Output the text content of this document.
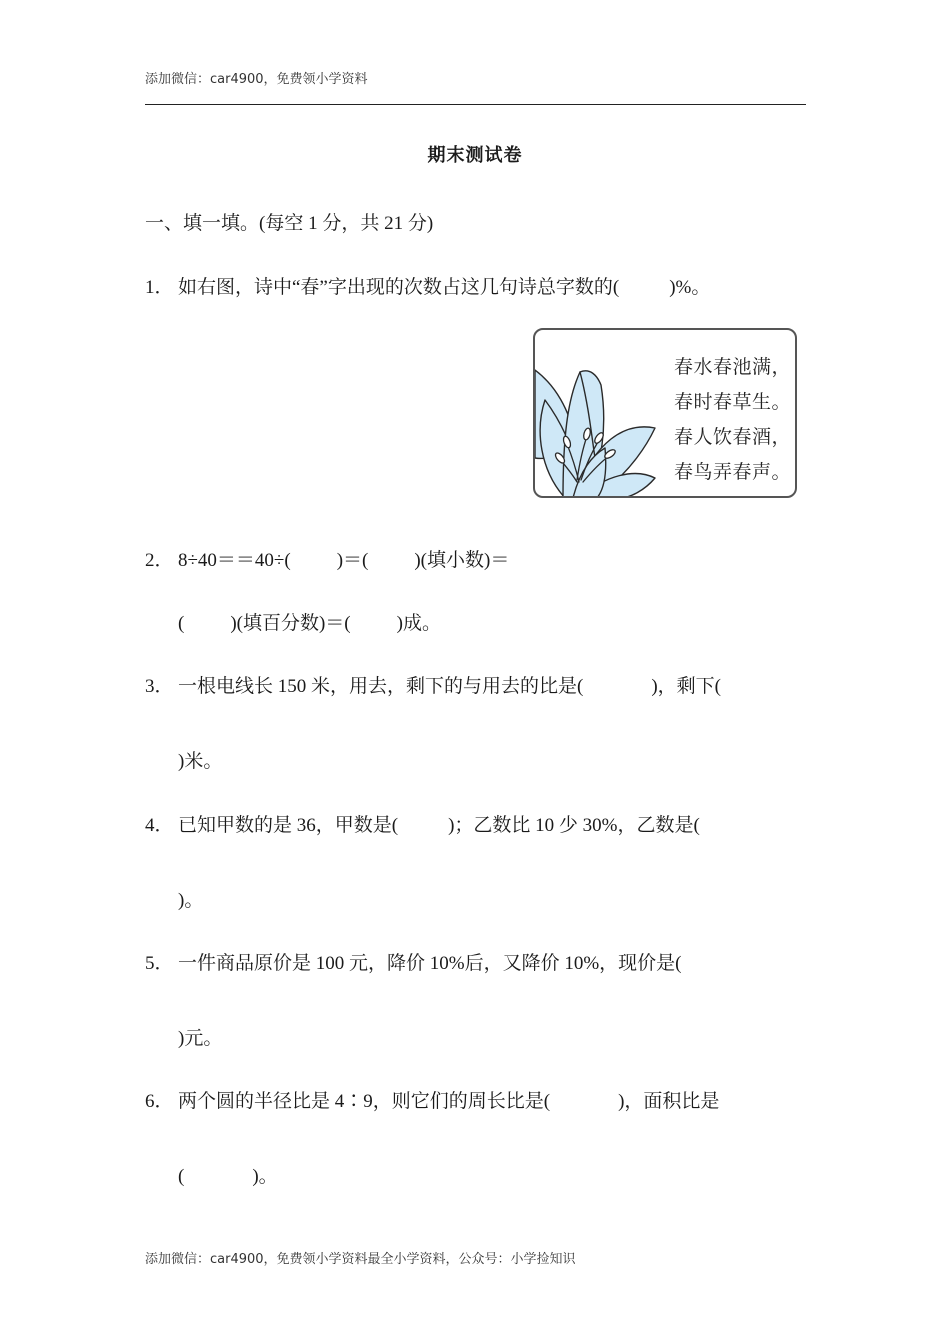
添加微信：car4900，免费领小学资料
期末测试卷
一、填一填。(每空 1 分，共 21 分)
1． 如右图，诗中“春”字出现的次数占这几句诗总字数的(	)%。
春水春池满，
春时春草生。
春人饮春酒，
春鸟弄春声。
2． 8÷40＝＝40÷( )＝( )(填小数)＝
( )(填百分数)＝( )成。
3． 一根电线长 150 米，用去，剩下的与用去的比是(	)，剩下(
)米。
4． 已知甲数的是 36，甲数是(	)；乙数比 10 少 30%，乙数是(
)。
5． 一件商品原价是 100 元，降价 10%后，又降价 10%，现价是(
)元。
6． 两个圆的半径比是 4∶9，则它们的周长比是(	)，面积比是
(	)。
添加微信：car4900，免费领小学资料最全小学资料，公众号：小学捡知识
